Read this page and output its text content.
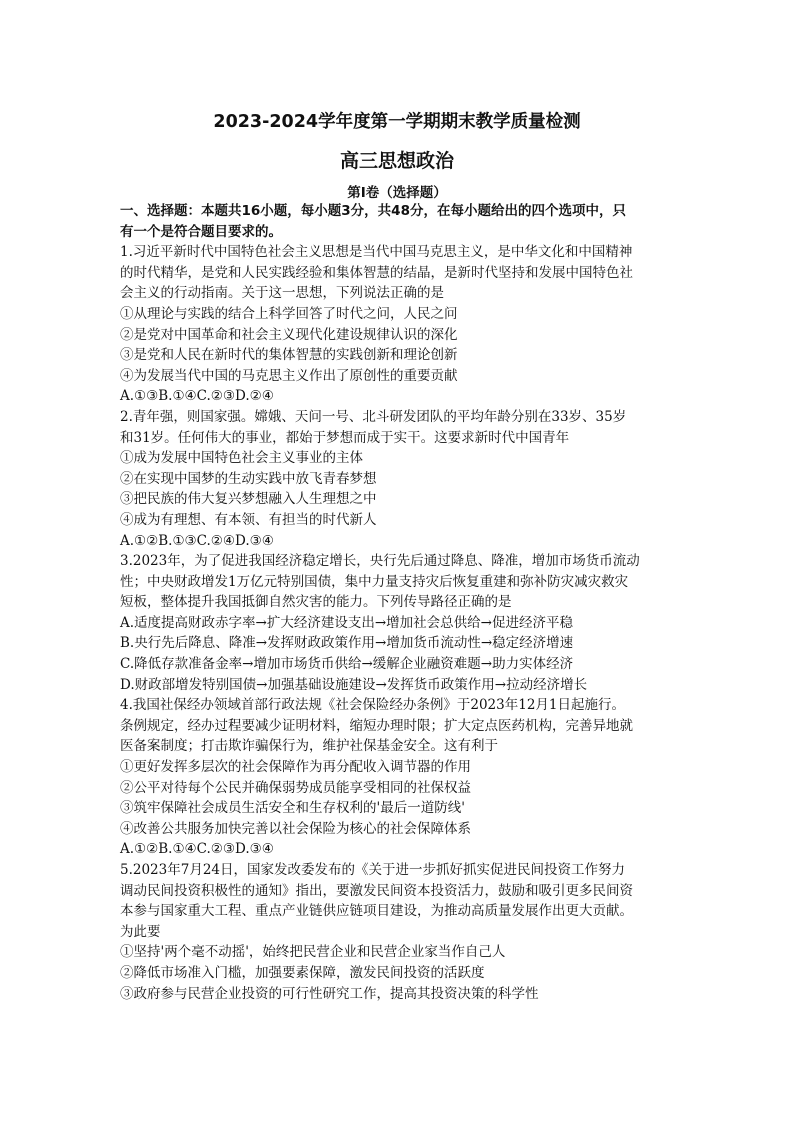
2023-2024学年度第一学期期末教学质量检测
高三思想政治
第Ⅰ卷（选择题）

一、选择题：本题共16小题，每小题3分，共48分，在每小题给出的四个选项中，只

有一个是符合题目要求的。

1.习近平新时代中国特色社会主义思想是当代中国马克思主义，是中华文化和中国精神

的时代精华，是党和人民实践经验和集体智慧的结晶，是新时代坚持和发展中国特色社

会主义的行动指南。关于这一思想，下列说法正确的是

①从理论与实践的结合上科学回答了时代之问，人民之问

②是党对中国革命和社会主义现代化建设规律认识的深化

③是党和人民在新时代的集体智慧的实践创新和理论创新

④为发展当代中国的马克思主义作出了原创性的重要贡献

A.①③B.①④C.②③D.②④

2.青年强，则国家强。嫦娥、天问一号、北斗研发团队的平均年龄分别在33岁、35岁

和31岁。任何伟大的事业，都始于梦想而成于实干。这要求新时代中国青年

①成为发展中国特色社会主义事业的主体

②在实现中国梦的生动实践中放飞青春梦想

③把民族的伟大复兴梦想融入人生理想之中

④成为有理想、有本领、有担当的时代新人

A.①②B.①③C.②④D.③④

3.2023年，为了促进我国经济稳定增长，央行先后通过降息、降准，增加市场货币流动

性；中央财政增发1万亿元特别国债，集中力量支持灾后恢复重建和弥补防灾减灾救灾

短板，整体提升我国抵御自然灾害的能力。下列传导路径正确的是

A.适度提高财政赤字率→扩大经济建设支出→增加社会总供给→促进经济平稳

B.央行先后降息、降准→发挥财政政策作用→增加货币流动性→稳定经济增速

C.降低存款准备金率→增加市场货币供给→缓解企业融资难题→助力实体经济

D.财政部增发特别国债→加强基础设施建设→发挥货币政策作用→拉动经济增长

4.我国社保经办领域首部行政法规《社会保险经办条例》于2023年12月1日起施行。

条例规定，经办过程要减少证明材料，缩短办理时限；扩大定点医药机构，完善异地就

医备案制度；打击欺诈骗保行为，维护社保基金安全。这有利于

①更好发挥多层次的社会保障作为再分配收入调节器的作用

②公平对待每个公民并确保弱势成员能享受相同的社保权益

③筑牢保障社会成员生活安全和生存权利的'最后一道防线'

④改善公共服务加快完善以社会保险为核心的社会保障体系

A.①②B.①④C.②③D.③④

5.2023年7月24日，国家发改委发布的《关于进一步抓好抓实促进民间投资工作努力

调动民间投资积极性的通知》指出，要激发民间资本投资活力，鼓励和吸引更多民间资

本参与国家重大工程、重点产业链供应链项目建设，为推动高质量发展作出更大贡献。

为此要

①坚持'两个毫不动摇'，始终把民营企业和民营企业家当作自己人

②降低市场准入门槛，加强要素保障，激发民间投资的活跃度

③政府参与民营企业投资的可行性研究工作，提高其投资决策的科学性
